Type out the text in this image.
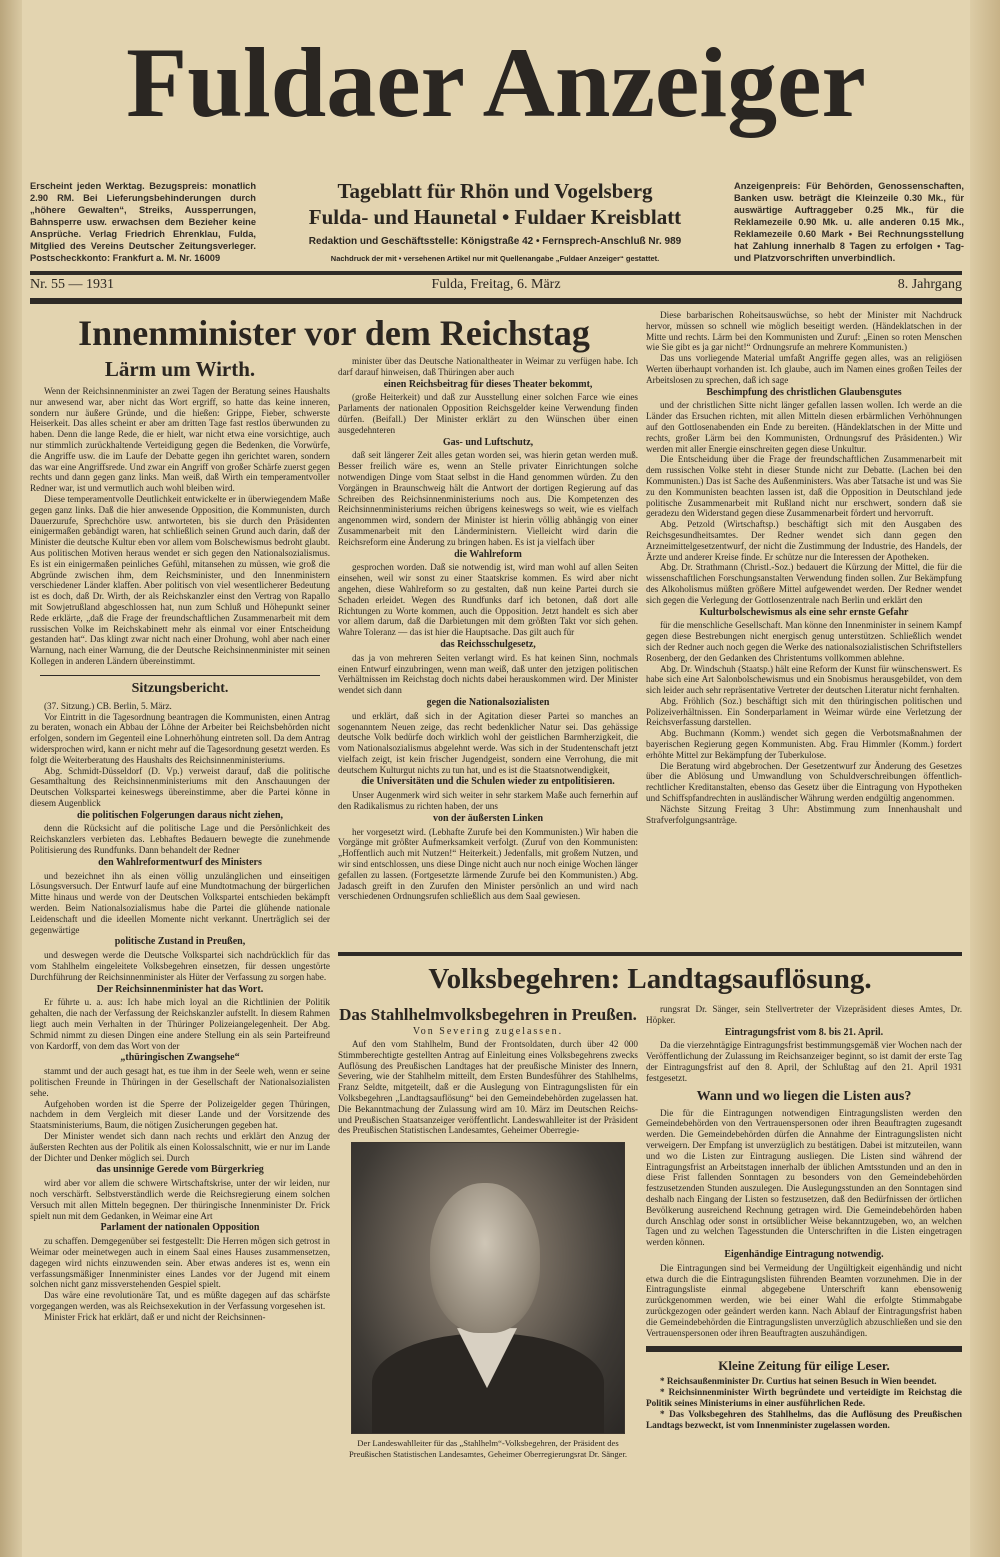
Fuldaer Anzeiger
Erscheint jeden Werktag. Bezugspreis: monatlich 2.90 RM. Bei Lieferungsbehinderungen durch „höhere Gewalten“, Streiks, Aussperrungen, Bahnsperre usw. erwachsen dem Bezieher keine Ansprüche. Verlag Friedrich Ehrenklau, Fulda, Mitglied des Vereins Deutscher Zeitungsverleger. Postscheckkonto: Frankfurt a. M. Nr. 16009
Tageblatt für Rhön und Vogelsberg
Fulda- und Haunetal • Fuldaer Kreisblatt
Redaktion und Geschäftsstelle: Königstraße 42 • Fernsprech-Anschluß Nr. 989
Nachdruck der mit • versehenen Artikel nur mit Quellenangabe „Fuldaer Anzeiger“ gestattet.
Anzeigenpreis: Für Behörden, Genossenschaften, Banken usw. beträgt die Kleinzeile 0.30 Mk., für auswärtige Auftraggeber 0.25 Mk., für die Reklamezeile 0.90 Mk. u. alle anderen 0.15 Mk., Reklamezeile 0.60 Mark • Bei Rechnungsstellung hat Zahlung innerhalb 8 Tagen zu erfolgen • Tag- und Platzvorschriften unverbindlich.
Nr. 55 — 1931	Fulda, Freitag, 6. März	8. Jahrgang
Innenminister vor dem Reichstag	Diese barbarischen Roheitsauswüchse, so hebt der Minister mit Nachdruck hervor, müssen so schnell wie möglich beseitigt werden. (Händeklatschen in der Mitte und rechts. Lärm bei den Kommunisten und Zuruf: „Einen so roten Menschen wie Sie gibt es ja gar nicht!“ Ordnungsrufe an mehrere Kommunisten.)

Das uns vorliegende Material umfaßt Angriffe gegen alles, was an religiösen Werten überhaupt vorhanden ist. Ich glaube, auch im Namen eines großen Teiles der Arbeitslosen zu sprechen, daß ich sage

Beschimpfung des christlichen Glaubensgutes

und der christlichen Sitte nicht länger gefallen lassen wollen. Ich werde an die Länder das Ersuchen richten, mit allen Mitteln diesen erbärmlichen Verhöhnungen auf den Gottlosenabenden ein Ende zu bereiten. (Händeklatschen in der Mitte und rechts, großer Lärm bei den Kommunisten, Ordnungsruf des Präsidenten.) Wir werden mit aller Energie einschreiten gegen diese Unkultur.

Die Entscheidung über die Frage der freundschaftlichen Zusammenarbeit mit dem russischen Volke steht in dieser Stunde nicht zur Debatte. (Lachen bei den Kommunisten.) Das ist Sache des Außenministers. Was aber Tatsache ist und was Sie zu den Kommunisten beachten lassen ist, daß die Opposition in Deutschland jede politische Zusammenarbeit mit Rußland nicht nur erschwert, sondern daß sie geradezu den Widerstand gegen diese Zusammenarbeit fördert und hervorruft.

Abg. Petzold (Wirtschaftsp.) beschäftigt sich mit den Ausgaben des Reichsgesundheitsamtes. Der Redner wendet sich dann gegen den Arzneimittelgesetzentwurf, der nicht die Zustimmung der Industrie, des Handels, der Ärzte und anderer Kreise finde. Er schütze nur die Interessen der Apotheken.

Abg. Dr. Strathmann (Christl.-Soz.) bedauert die Kürzung der Mittel, die für die wissenschaftlichen Forschungsanstalten Verwendung finden sollen. Zur Bekämpfung des Alkoholismus müßten größere Mittel aufgewendet werden. Der Redner wendet sich gegen die Verlegung der Gottlosenzentrale nach Berlin und erklärt den

Kulturbolschewismus als eine sehr ernste Gefahr

für die menschliche Gesellschaft. Man könne den Innenminister in seinem Kampf gegen diese Bestrebungen nicht energisch genug unterstützen. Schließlich wendet sich der Redner auch noch gegen die Werke des nationalsozialistischen Schriftstellers Rosenberg, der den Gedanken des Christentums vollkommen ablehne.

Abg. Dr. Windschuh (Staatsp.) hält eine Reform der Kunst für wünschenswert. Es habe sich eine Art Salonbolschewismus und ein Snobismus herausgebildet, von dem sich leider auch sehr repräsentative Vertreter der deutschen Literatur nicht fernhalten.

Abg. Fröhlich (Soz.) beschäftigt sich mit den thüringischen politischen und Polizeiverhältnissen. Ein Sonderparlament in Weimar würde eine Verletzung der Reichsverfassung darstellen.

Abg. Buchmann (Komm.) wendet sich gegen die Verbotsmaßnahmen der bayerischen Regierung gegen Kommunisten. Abg. Frau Himmler (Komm.) fordert erhöhte Mittel zur Bekämpfung der Tuberkulose.

Die Beratung wird abgebrochen. Der Gesetzentwurf zur Änderung des Gesetzes über die Ablösung und Umwandlung von Schuldverschreibungen öffentlich-rechtlicher Kreditanstalten, ebenso das Gesetz über die Eintragung von Hypotheken und Schiffspfandrechten in ausländischer Währung werden endgültig angenommen.

Nächste Sitzung Freitag 3 Uhr: Abstimmung zum Innenhaushalt und Strafverfolgungsanträge.

Lärm um Wirth.

Wenn der Reichsinnenminister an zwei Tagen der Beratung seines Haushalts nur anwesend war, aber nicht das Wort ergriff, so hatte das keine inneren, sondern nur äußere Gründe, und die hießen: Grippe, Fieber, schwerste Heiserkeit. Das alles scheint er aber am dritten Tage fast restlos überwunden zu haben. Denn die lange Rede, die er hielt, war nicht etwa eine vorsichtige, auch nur stimmlich zurückhaltende Verteidigung gegen die Bedenken, die Vorwürfe, die Angriffe usw. die im Laufe der Debatte gegen ihn gerichtet waren, sondern das war eine Angriffsrede. Und zwar ein Angriff von großer Schärfe zuerst gegen rechts und dann gegen ganz links. Man weiß, daß Wirth ein temperamentvoller Redner war, ist und vermutlich auch wohl bleiben wird.

Diese temperamentvolle Deutlichkeit entwickelte er in überwiegendem Maße gegen ganz links. Daß die hier anwesende Opposition, die Kommunisten, durch Dauerzurufe, Sprechchöre usw. antworteten, bis sie durch den Präsidenten einigermaßen gebändigt waren, hat schließlich seinen Grund auch darin, daß der Minister die deutsche Kultur eben vor allem vom Bolschewismus bedroht glaubt. Aus politischen Motiven heraus wendet er sich gegen den Nationalsozialismus. Es ist ein einigermaßen peinliches Gefühl, mitansehen zu müssen, wie groß die Abgründe zwischen ihm, dem Reichsminister, und den Innenministern verschiedener Länder klaffen. Aber politisch von viel wesentlicherer Bedeutung ist es doch, daß Dr. Wirth, der als Reichskanzler einst den Vertrag von Rapallo mit Sowjetrußland abgeschlossen hat, nun zum Schluß und Höhepunkt seiner Rede erklärte, „daß die Frage der freundschaftlichen Zusammenarbeit mit dem russischen Volke im Reichskabinett mehr als einmal vor einer Entscheidung gestanden hat“. Das klingt zwar nicht nach einer Drohung, wohl aber nach einer Warnung, nach einer Warnung, die der Deutsche Reichsinnenminister mit seinen Kollegen in anderen Ländern übereinstimmt.

Sitzungsbericht.

(37. Sitzung.) CB. Berlin, 5. März.

Vor Eintritt in die Tagesordnung beantragen die Kommunisten, einen Antrag zu beraten, wonach ein Abbau der Löhne der Arbeiter bei Reichsbehörden nicht erfolgen, sondern im Gegenteil eine Lohnerhöhung eintreten soll. Da dem Antrag widersprochen wird, kann er nicht mehr auf die Tagesordnung gesetzt werden. Es folgt die Weiterberatung des Haushalts des Reichsinnenministeriums.

Abg. Schmidt-Düsseldorf (D. Vp.) verweist darauf, daß die politische Gesamthaltung des Reichsinnenministeriums mit den Anschauungen der Deutschen Volkspartei keineswegs übereinstimme, aber die Partei könne in diesem Augenblick

die politischen Folgerungen daraus nicht ziehen,

denn die Rücksicht auf die politische Lage und die Persönlichkeit des Reichskanzlers verbieten das. Lebhaftes Bedauern bewegte die zunehmende Politisierung des Rundfunks. Dann behandelt der Redner

den Wahlreformentwurf des Ministers

und bezeichnet ihn als einen völlig unzulänglichen und einseitigen Lösungsversuch. Der Entwurf laufe auf eine Mundtotmachung der bürgerlichen Mitte hinaus und werde von der Deutschen Volkspartei entschieden bekämpft werden. Beim Nationalsozialismus habe die Partei die glühende nationale Leidenschaft und die ideellen Momente nicht verkannt. Unerträglich sei der gegenwärtige

politische Zustand in Preußen,

und deswegen werde die Deutsche Volkspartei sich nachdrücklich für das vom Stahlhelm eingeleitete Volksbegehren einsetzen, für dessen ungestörte Durchführung der Reichsinnenminister als Hüter der Verfassung zu sorgen habe.

Der Reichsinnenminister hat das Wort.

Er führte u. a. aus: Ich habe mich loyal an die Richtlinien der Politik gehalten, die nach der Verfassung der Reichskanzler aufstellt. In diesem Rahmen liegt auch mein Verhalten in der Thüringer Polizeiangelegenheit. Der Abg. Schmid nimmt zu diesen Dingen eine andere Stellung ein als sein Parteifreund von Kardorff, von dem das Wort von der

„thüringischen Zwangsehe“

stammt und der auch gesagt hat, es tue ihm in der Seele weh, wenn er seine politischen Freunde in Thüringen in der Gesellschaft der Nationalsozialisten sehe.

Aufgehoben worden ist die Sperre der Polizeigelder gegen Thüringen, nachdem in dem Vergleich mit dieser Lande und der Vorsitzende des Staatsministeriums, Baum, die nötigen Zusicherungen gegeben hat.

Der Minister wendet sich dann nach rechts und erklärt den Anzug der äußersten Rechten aus der Politik als einen Kolossalschnitt, wie er nur im Lande der Dichter und Denker möglich sei. Durch

das unsinnige Gerede vom Bürgerkrieg

wird aber vor allem die schwere Wirtschaftskrise, unter der wir leiden, nur noch verschärft. Selbstverständlich werde die Reichsregierung einem solchen Versuch mit allen Mitteln begegnen. Der thüringische Innenminister Dr. Frick spielt nun mit dem Gedanken, in Weimar eine Art

Parlament der nationalen Opposition

zu schaffen. Demgegenüber sei festgestellt: Die Herren mögen sich getrost in Weimar oder meinetwegen auch in einem Saal eines Hauses zusammensetzen, dagegen wird nichts einzuwenden sein. Aber etwas anderes ist es, wenn ein verfassungsmäßiger Innenminister eines Landes vor der Jugend mit einem solchen nicht ganz missverstehenden Gespiel spielt.

Das wäre eine revolutionäre Tat, und es müßte dagegen auf das schärfste vorgegangen werden, was als Reichsexekution in der Verfassung vorgesehen ist.

Minister Frick hat erklärt, daß er und nicht der Reichsinnen-

minister über das Deutsche Nationaltheater in Weimar zu verfügen habe. Ich darf darauf hinweisen, daß Thüringen aber auch

einen Reichsbeitrag für dieses Theater bekommt,

(große Heiterkeit) und daß zur Ausstellung einer solchen Farce wie eines Parlaments der nationalen Opposition Reichsgelder keine Verwendung finden dürfen. (Beifall.) Der Minister erklärt zu den Wünschen über einen ausgedehnteren

Gas- und Luftschutz,

daß seit längerer Zeit alles getan worden sei, was hierin getan werden muß. Besser freilich wäre es, wenn an Stelle privater Einrichtungen solche notwendigen Dinge vom Staat selbst in die Hand genommen würden. Zu den Vorgängen in Braunschweig hält die Antwort der dortigen Regierung auf das Schreiben des Reichsinnenministeriums noch aus. Die Kompetenzen des Reichsinnenministeriums reichen übrigens keineswegs so weit, wie es vielfach angenommen wird, sondern der Minister ist hierin völlig abhängig von einer Zusammenarbeit mit den Länderministern. Vielleicht wird darin die Reichsreform eine Änderung zu bringen haben. Es ist ja vielfach über

die Wahlreform

gesprochen worden. Daß sie notwendig ist, wird man wohl auf allen Seiten einsehen, weil wir sonst zu einer Staatskrise kommen. Es wird aber nicht angehen, diese Wahlreform so zu gestalten, daß nun keine Partei durch sie Schaden erleidet. Wegen des Rundfunks darf ich betonen, daß dort alle Richtungen zu Worte kommen, auch die Opposition. Jetzt handelt es sich aber vor allem darum, daß die Darbietungen mit dem größten Takt vor sich gehen. Wahre Toleranz — das ist hier die Hauptsache. Das gilt auch für

das Reichsschulgesetz,

das ja von mehreren Seiten verlangt wird. Es hat keinen Sinn, nochmals einen Entwurf einzubringen, wenn man weiß, daß unter den jetzigen politischen Verhältnissen im Reichstag doch nichts dabei herauskommen wird. Der Minister wendet sich dann

gegen die Nationalsozialisten

und erklärt, daß sich in der Agitation dieser Partei so manches an sogenanntem Neuen zeige, das recht bedenklicher Natur sei. Das gehässige deutsche Volk bedürfe doch wirklich wohl der geistlichen Barmherzigkeit, die vom Nationalsozialismus abgelehnt werde. Was sich in der Studentenschaft jetzt vielfach zeigt, ist kein frischer Jugendgeist, sondern eine Verrohung, die mit deutschem Kulturgut nichts zu tun hat, und es ist die Staatsnotwendigkeit,

die Universitäten und die Schulen wieder zu entpolitisieren.

Unser Augenmerk wird sich weiter in sehr starkem Maße auch fernerhin auf den Radikalismus zu richten haben, der uns

von der äußersten Linken

her vorgesetzt wird. (Lebhafte Zurufe bei den Kommunisten.) Wir haben die Vorgänge mit größter Aufmerksamkeit verfolgt. (Zuruf von den Kommunisten: „Hoffentlich auch mit Nutzen!“ Heiterkeit.) Jedenfalls, mit großem Nutzen, und wir sind entschlossen, uns diese Dinge nicht auch nur noch einige Wochen länger gefallen zu lassen. (Fortgesetzte lärmende Zurufe bei den Kommunisten.) Abg. Jadasch greift in den Zurufen den Minister persönlich an und wird nach verschiedenen Ordnungsrufen schließlich aus dem Saal gewiesen.

Volksbegehren: Landtagsauflösung.
Das Stahlhelmvolksbegehren in Preußen.
Von Severing zugelassen.

Auf den vom Stahlhelm, Bund der Frontsoldaten, durch über 42 000 Stimmberechtigte gestellten Antrag auf Einleitung eines Volksbegehrens zwecks Auflösung des Preußischen Landtages hat der preußische Minister des Innern, Severing, wie der Stahlhelm mitteilt, dem Ersten Bundesführer des Stahlhelms, Franz Seldte, mitgeteilt, daß er die Auslegung von Eintragungslisten für ein Volksbegehren „Landtagsauflösung“ bei den Gemeindebehörden zugelassen hat. Die Bekanntmachung der Zulassung wird am 10. März im Deutschen Reichs- und Preußischen Staatsanzeiger veröffentlicht. Landeswahlleiter ist der Präsident des Preußischen Statistischen Landesamtes, Geheimer Oberregie-

Der Landeswahlleiter für das „Stahlhelm“-Volksbegehren, der Präsident des Preußischen Statistischen Landesamtes, Geheimer Oberregierungsrat Dr. Sänger.

rungsrat Dr. Sänger, sein Stellvertreter der Vizepräsident dieses Amtes, Dr. Höpker.

Eintragungsfrist vom 8. bis 21. April.

Da die vierzehntägige Eintragungsfrist bestimmungsgemäß vier Wochen nach der Veröffentlichung der Zulassung im Reichsanzeiger beginnt, so ist damit der erste Tag der Eintragungsfrist auf den 8. April, der Schlußtag auf den 21. April 1931 festgesetzt.

Wann und wo liegen die Listen aus?

Die für die Eintragungen notwendigen Eintragungslisten werden den Gemeindebehörden von den Vertrauenspersonen oder ihren Beauftragten zugesandt werden. Die Gemeindebehörden dürfen die Annahme der Eintragungslisten nicht verweigern. Der Empfang ist unverzüglich zu bestätigen. Dabei ist mitzuteilen, wann und wo die Listen zur Eintragung ausliegen. Die Listen sind während der Eintragungsfrist an Arbeitstagen innerhalb der üblichen Amtsstunden und an den in diese Frist fallenden Sonntagen zu besonders von den Gemeindebehörden festzusetzenden Stunden auszulegen. Die Auslegungsstunden an den Sonntagen sind deshalb nach Eingang der Listen so festzusetzen, daß den Bedürfnissen der örtlichen Bevölkerung ausreichend Rechnung getragen wird. Die Gemeindebehörden haben durch Anschlag oder sonst in ortsüblicher Weise bekanntzugeben, wo, an welchen Tagen und zu welchen Tagesstunden die Unterschriften in die Listen eingetragen werden können.

Eigenhändige Eintragung notwendig.

Die Eintragungen sind bei Vermeidung der Ungültigkeit eigenhändig und nicht etwa durch die die Eintragungslisten führenden Beamten vorzunehmen. Die in der Eintragungsliste einmal abgegebene Unterschrift kann ebensowenig zurückgenommen werden, wie bei einer Wahl die erfolgte Stimmabgabe zurückgezogen oder geändert werden kann. Nach Ablauf der Eintragungsfrist haben die Gemeindebehörden die Eintragungslisten unverzüglich abzuschließen und sie den Vertrauenspersonen oder ihren Beauftragten auszuhändigen.

Kleine Zeitung für eilige Leser.

* Reichsaußenminister Dr. Curtius hat seinen Besuch in Wien beendet.

* Reichsinnenminister Wirth begründete und verteidigte im Reichstag die Politik seines Ministeriums in einer ausführlichen Rede.

* Das Volksbegehren des Stahlhelms, das die Auflösung des Preußischen Landtags bezweckt, ist vom Innenminister zugelassen worden.
